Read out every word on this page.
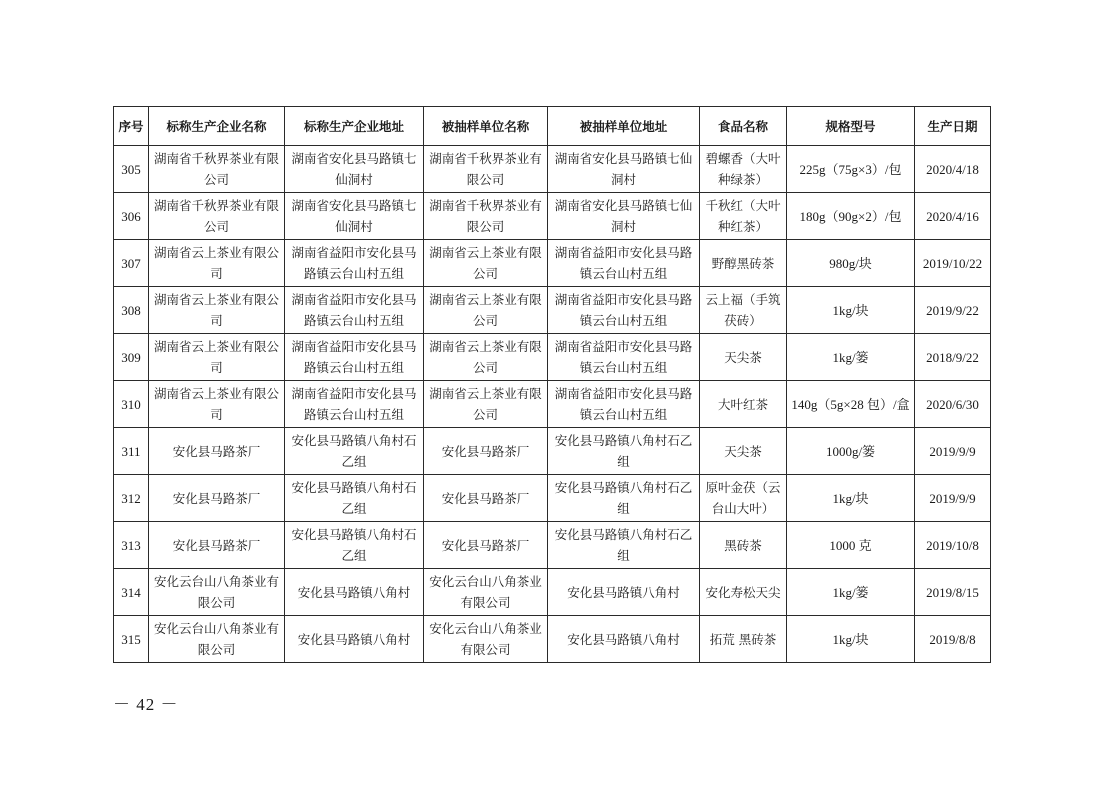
序号	标称生产企业名称	标称生产企业地址	被抽样单位名称	被抽样单位地址	食品名称	规格型号	生产日期
305	湖南省千秋界茶业有限公司	湖南省安化县马路镇七仙洞村	湖南省千秋界茶业有限公司	湖南省安化县马路镇七仙洞村	碧螺香（大叶种绿茶）	225g（75g×3）/包	2020/4/18
306	湖南省千秋界茶业有限公司	湖南省安化县马路镇七仙洞村	湖南省千秋界茶业有限公司	湖南省安化县马路镇七仙洞村	千秋红（大叶种红茶）	180g（90g×2）/包	2020/4/16
307	湖南省云上茶业有限公司	湖南省益阳市安化县马路镇云台山村五组	湖南省云上茶业有限公司	湖南省益阳市安化县马路镇云台山村五组	野醇黑砖茶	980g/块	2019/10/22
308	湖南省云上茶业有限公司	湖南省益阳市安化县马路镇云台山村五组	湖南省云上茶业有限公司	湖南省益阳市安化县马路镇云台山村五组	云上福（手筑茯砖）	1kg/块	2019/9/22
309	湖南省云上茶业有限公司	湖南省益阳市安化县马路镇云台山村五组	湖南省云上茶业有限公司	湖南省益阳市安化县马路镇云台山村五组	天尖茶	1kg/篓	2018/9/22
310	湖南省云上茶业有限公司	湖南省益阳市安化县马路镇云台山村五组	湖南省云上茶业有限公司	湖南省益阳市安化县马路镇云台山村五组	大叶红茶	140g（5g×28 包）/盒	2020/6/30
311	安化县马路茶厂	安化县马路镇八角村石乙组	安化县马路茶厂	安化县马路镇八角村石乙组	天尖茶	1000g/篓	2019/9/9
312	安化县马路茶厂	安化县马路镇八角村石乙组	安化县马路茶厂	安化县马路镇八角村石乙组	原叶金茯（云台山大叶）	1kg/块	2019/9/9
313	安化县马路茶厂	安化县马路镇八角村石乙组	安化县马路茶厂	安化县马路镇八角村石乙组	黑砖茶	1000 克	2019/10/8
314	安化云台山八角茶业有限公司	安化县马路镇八角村	安化云台山八角茶业有限公司	安化县马路镇八角村	安化寿松天尖	1kg/篓	2019/8/15
315	安化云台山八角茶业有限公司	安化县马路镇八角村	安化云台山八角茶业有限公司	安化县马路镇八角村	拓荒 黑砖茶	1kg/块	2019/8/8
－ 42 －
